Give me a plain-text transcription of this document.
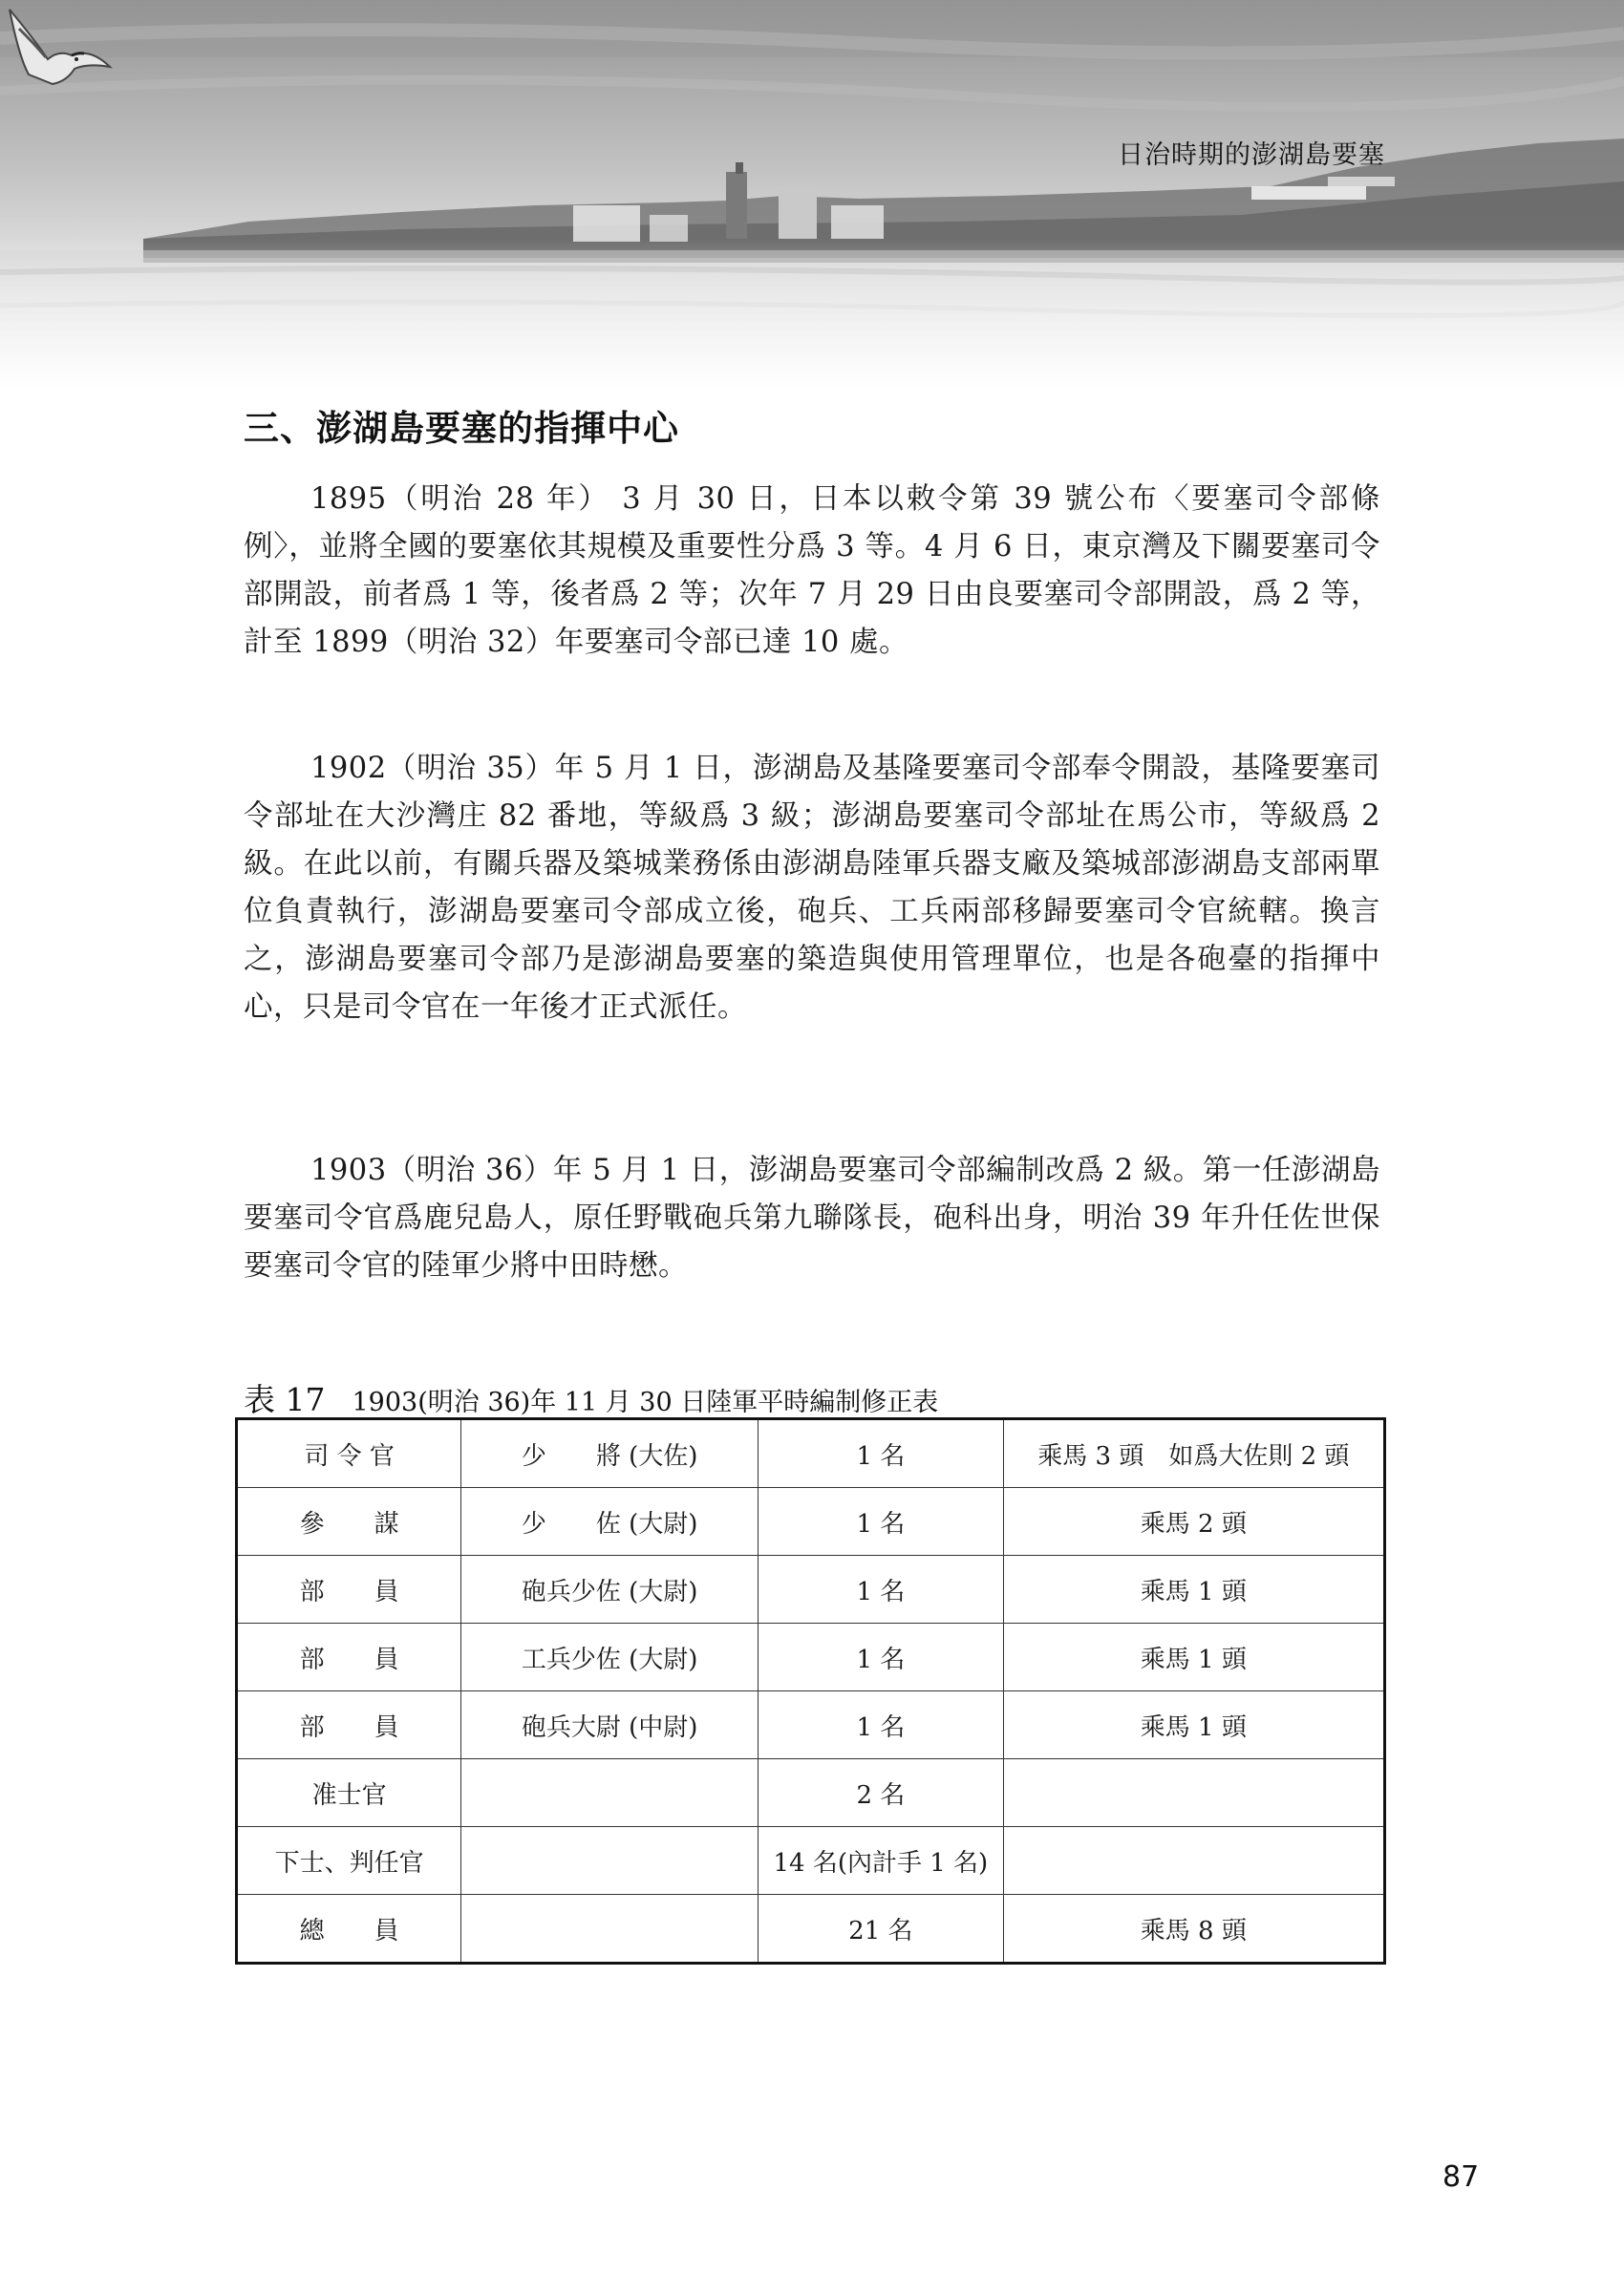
日治時期的澎湖島要塞
三、澎湖島要塞的指揮中心

1895（明治 28 年） 3 月 30 日，日本以敕令第 39 號公布〈要塞司令部條例〉，並將全國的要塞依其規模及重要性分爲 3 等。4 月 6 日，東京灣及下關要塞司令部開設，前者爲 1 等，後者爲 2 等；次年 7 月 29 日由良要塞司令部開設，爲 2 等，計至 1899（明治 32）年要塞司令部已達 10 處。

1902（明治 35）年 5 月 1 日，澎湖島及基隆要塞司令部奉令開設，基隆要塞司令部址在大沙灣庄 82 番地，等級爲 3 級；澎湖島要塞司令部址在馬公市，等級爲 2 級。在此以前，有關兵器及築城業務係由澎湖島陸軍兵器支廠及築城部澎湖島支部兩單位負責執行，澎湖島要塞司令部成立後，砲兵、工兵兩部移歸要塞司令官統轄。換言之，澎湖島要塞司令部乃是澎湖島要塞的築造與使用管理單位，也是各砲臺的指揮中心，只是司令官在一年後才正式派任。

1903（明治 36）年 5 月 1 日，澎湖島要塞司令部編制改爲 2 級。第一任澎湖島要塞司令官爲鹿兒島人，原任野戰砲兵第九聯隊長，砲科出身，明治 39 年升任佐世保要塞司令官的陸軍少將中田時懋。

表 17 1903(明治 36)年 11 月 30 日陸軍平時編制修正表
司 令 官	少　　將 (大佐)	1 名	乘馬 3 頭　如爲大佐則 2 頭
參　　謀	少　　佐 (大尉)	1 名	乘馬 2 頭
部　　員	砲兵少佐 (大尉)	1 名	乘馬 1 頭
部　　員	工兵少佐 (大尉)	1 名	乘馬 1 頭
部　　員	砲兵大尉 (中尉)	1 名	乘馬 1 頭
准士官		2 名	
下士、判任官		14 名(內計手 1 名)	
總　　員		21 名	乘馬 8 頭
87
